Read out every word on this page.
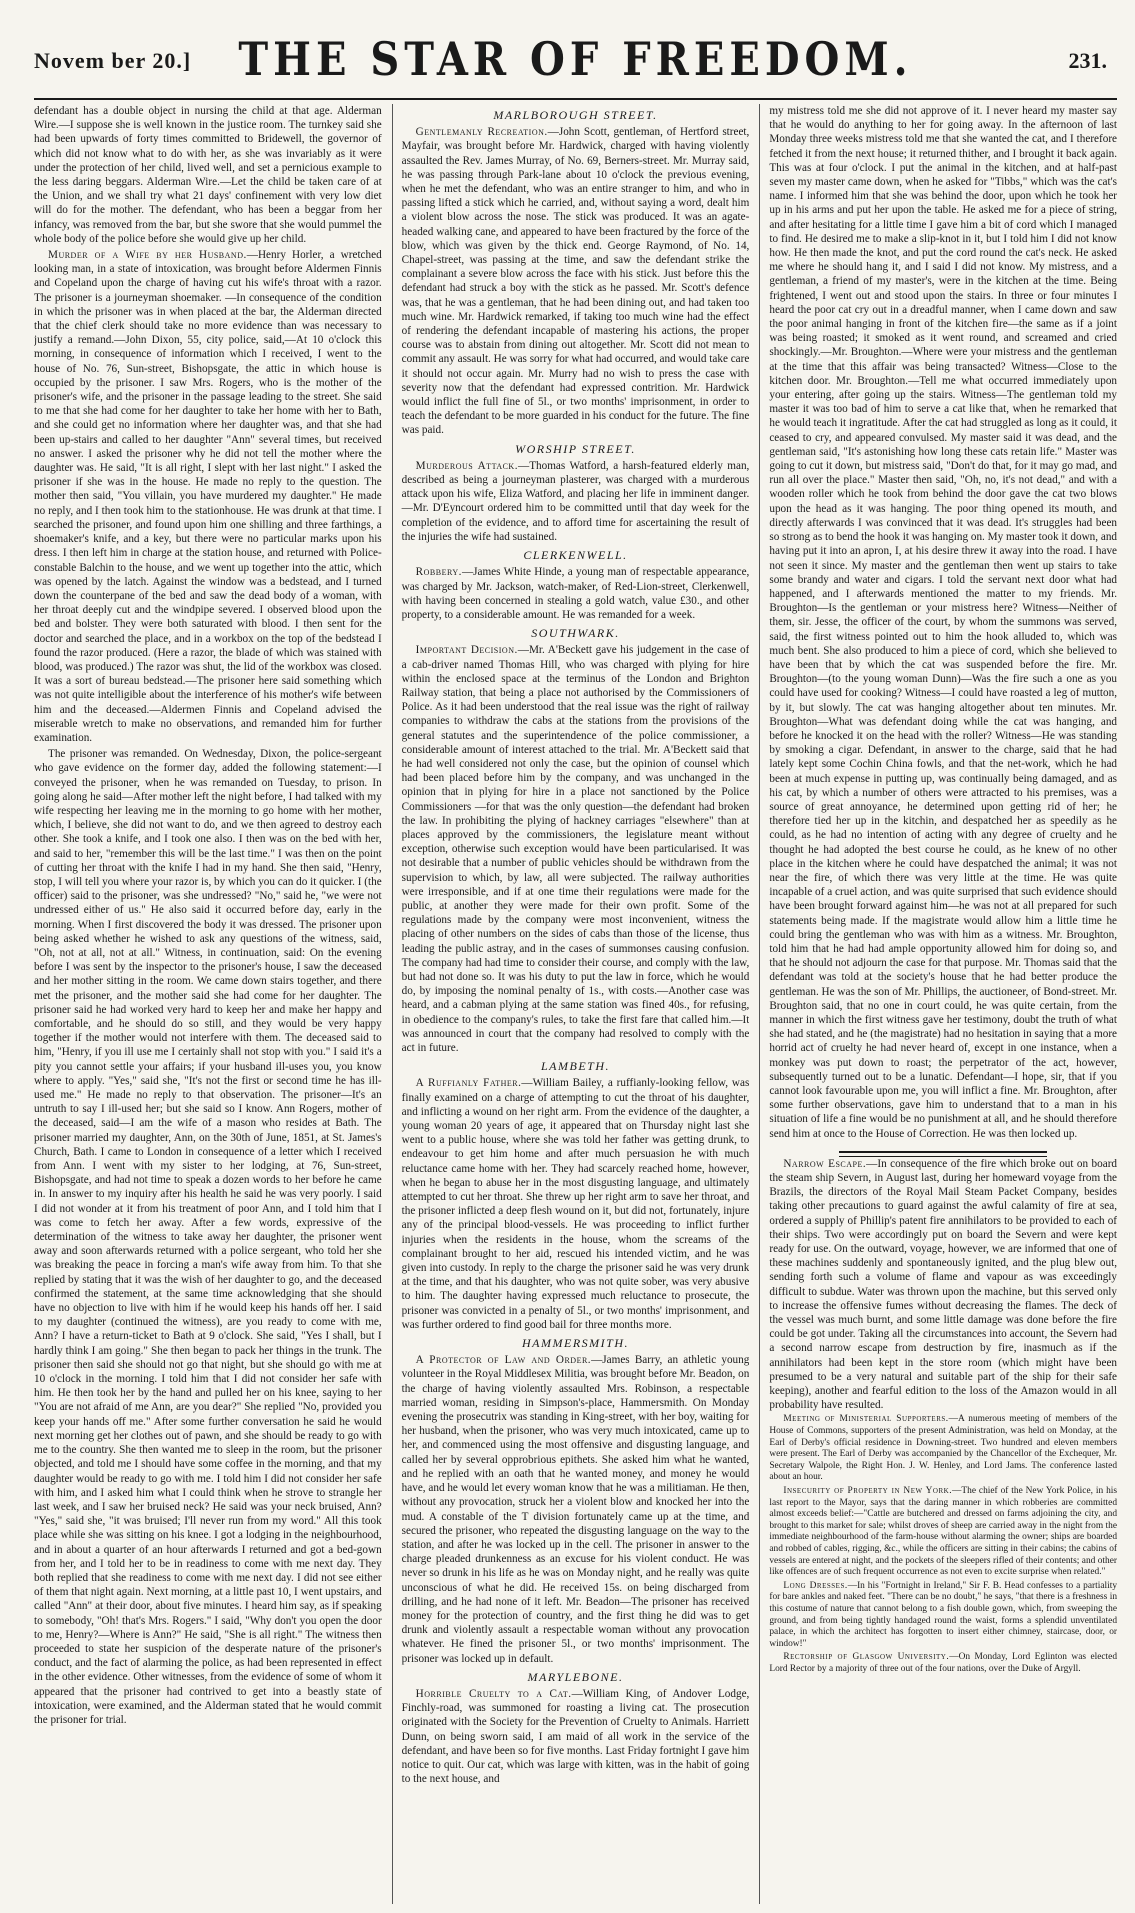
Novem ber 20.]	THE STAR OF FREEDOM.	231.

defendant has a double object in nursing the child at that age. Alderman Wire.—I suppose she is well known in the justice room. The turnkey said she had been upwards of forty times committed to Bridewell, the governor of which did not know what to do with her, as she was invariably as it were under the protection of her child, lived well, and set a pernicious example to the less daring beggars. Alderman Wire.—Let the child be taken care of at the Union, and we shall try what 21 days' confinement with very low diet will do for the mother. The defendant, who has been a beggar from her infancy, was removed from the bar, but she swore that she would pummel the whole body of the police before she would give up her child.

Murder of a Wife by her Husband.—Henry Horler, a wretched looking man, in a state of intoxication, was brought before Aldermen Finnis and Copeland upon the charge of having cut his wife's throat with a razor. The prisoner is a journeyman shoemaker. —In consequence of the condition in which the prisoner was in when placed at the bar, the Alderman directed that the chief clerk should take no more evidence than was necessary to justify a remand.—John Dixon, 55, city police, said,—At 10 o'clock this morning, in consequence of information which I received, I went to the house of No. 76, Sun-street, Bishopsgate, the attic in which house is occupied by the prisoner. I saw Mrs. Rogers, who is the mother of the prisoner's wife, and the prisoner in the passage leading to the street. She said to me that she had come for her daughter to take her home with her to Bath, and she could get no information where her daughter was, and that she had been up-stairs and called to her daughter "Ann" several times, but received no answer. I asked the prisoner why he did not tell the mother where the daughter was. He said, "It is all right, I slept with her last night." I asked the prisoner if she was in the house. He made no reply to the question. The mother then said, "You villain, you have murdered my daughter." He made no reply, and I then took him to the stationhouse. He was drunk at that time. I searched the prisoner, and found upon him one shilling and three farthings, a shoemaker's knife, and a key, but there were no particular marks upon his dress. I then left him in charge at the station house, and returned with Police-constable Balchin to the house, and we went up together into the attic, which was opened by the latch. Against the window was a bedstead, and I turned down the counterpane of the bed and saw the dead body of a woman, with her throat deeply cut and the windpipe severed. I observed blood upon the bed and bolster. They were both saturated with blood. I then sent for the doctor and searched the place, and in a workbox on the top of the bedstead I found the razor produced. (Here a razor, the blade of which was stained with blood, was produced.) The razor was shut, the lid of the workbox was closed. It was a sort of bureau bedstead.—The prisoner here said something which was not quite intelligible about the interference of his mother's wife between him and the deceased.—Aldermen Finnis and Copeland advised the miserable wretch to make no observations, and remanded him for further examination.

The prisoner was remanded. On Wednesday, Dixon, the police-sergeant who gave evidence on the former day, added the following statement:—I conveyed the prisoner, when he was remanded on Tuesday, to prison. In going along he said—After mother left the night before, I had talked with my wife respecting her leaving me in the morning to go home with her mother, which, I believe, she did not want to do, and we then agreed to destroy each other. She took a knife, and I took one also. I then was on the bed with her, and said to her, "remember this will be the last time." I was then on the point of cutting her throat with the knife I had in my hand. She then said, "Henry, stop, I will tell you where your razor is, by which you can do it quicker. I (the officer) said to the prisoner, was she undressed? "No," said he, "we were not undressed either of us." He also said it occurred before day, early in the morning. When I first discovered the body it was dressed. The prisoner upon being asked whether he wished to ask any questions of the witness, said, "Oh, not at all, not at all." Witness, in continuation, said: On the evening before I was sent by the inspector to the prisoner's house, I saw the deceased and her mother sitting in the room. We came down stairs together, and there met the prisoner, and the mother said she had come for her daughter. The prisoner said he had worked very hard to keep her and make her happy and comfortable, and he should do so still, and they would be very happy together if the mother would not interfere with them. The deceased said to him, "Henry, if you ill use me I certainly shall not stop with you." I said it's a pity you cannot settle your affairs; if your husband ill-uses you, you know where to apply. "Yes," said she, "It's not the first or second time he has ill-used me." He made no reply to that observation. The prisoner—It's an untruth to say I ill-used her; but she said so I know. Ann Rogers, mother of the deceased, said—I am the wife of a mason who resides at Bath. The prisoner married my daughter, Ann, on the 30th of June, 1851, at St. James's Church, Bath. I came to London in consequence of a letter which I received from Ann. I went with my sister to her lodging, at 76, Sun-street, Bishopsgate, and had not time to speak a dozen words to her before he came in. In answer to my inquiry after his health he said he was very poorly. I said I did not wonder at it from his treatment of poor Ann, and I told him that I was come to fetch her away. After a few words, expressive of the determination of the witness to take away her daughter, the prisoner went away and soon afterwards returned with a police sergeant, who told her she was breaking the peace in forcing a man's wife away from him. To that she replied by stating that it was the wish of her daughter to go, and the deceased confirmed the statement, at the same time acknowledging that she should have no objection to live with him if he would keep his hands off her. I said to my daughter (continued the witness), are you ready to come with me, Ann? I have a return-ticket to Bath at 9 o'clock. She said, "Yes I shall, but I hardly think I am going." She then began to pack her things in the trunk. The prisoner then said she should not go that night, but she should go with me at 10 o'clock in the morning. I told him that I did not consider her safe with him. He then took her by the hand and pulled her on his knee, saying to her "You are not afraid of me Ann, are you dear?" She replied "No, provided you keep your hands off me." After some further conversation he said he would next morning get her clothes out of pawn, and she should be ready to go with me to the country. She then wanted me to sleep in the room, but the prisoner objected, and told me I should have some coffee in the morning, and that my daughter would be ready to go with me. I told him I did not consider her safe with him, and I asked him what I could think when he strove to strangle her last week, and I saw her bruised neck? He said was your neck bruised, Ann? "Yes," said she, "it was bruised; I'll never run from my word." All this took place while she was sitting on his knee. I got a lodging in the neighbourhood, and in about a quarter of an hour afterwards I returned and got a bed-gown from her, and I told her to be in readiness to come with me next day. They both replied that she readiness to come with me next day. I did not see either of them that night again. Next morning, at a little past 10, I went upstairs, and called "Ann" at their door, about five minutes. I heard him say, as if speaking to somebody, "Oh! that's Mrs. Rogers." I said, "Why don't you open the door to me, Henry?—Where is Ann?" He said, "She is all right." The witness then proceeded to state her suspicion of the desperate nature of the prisoner's conduct, and the fact of alarming the police, as had been represented in effect in the other evidence. Other witnesses, from the evidence of some of whom it appeared that the prisoner had contrived to get into a beastly state of intoxication, were examined, and the Alderman stated that he would commit the prisoner for trial.

MARLBOROUGH STREET.

Gentlemanly Recreation.—John Scott, gentleman, of Hertford street, Mayfair, was brought before Mr. Hardwick, charged with having violently assaulted the Rev. James Murray, of No. 69, Berners-street. Mr. Murray said, he was passing through Park-lane about 10 o'clock the previous evening, when he met the defendant, who was an entire stranger to him, and who in passing lifted a stick which he carried, and, without saying a word, dealt him a violent blow across the nose. The stick was produced. It was an agate-headed walking cane, and appeared to have been fractured by the force of the blow, which was given by the thick end. George Raymond, of No. 14, Chapel-street, was passing at the time, and saw the defendant strike the complainant a severe blow across the face with his stick. Just before this the defendant had struck a boy with the stick as he passed. Mr. Scott's defence was, that he was a gentleman, that he had been dining out, and had taken too much wine. Mr. Hardwick remarked, if taking too much wine had the effect of rendering the defendant incapable of mastering his actions, the proper course was to abstain from dining out altogether. Mr. Scott did not mean to commit any assault. He was sorry for what had occurred, and would take care it should not occur again. Mr. Murry had no wish to press the case with severity now that the defendant had expressed contrition. Mr. Hardwick would inflict the full fine of 5l., or two months' imprisonment, in order to teach the defendant to be more guarded in his conduct for the future. The fine was paid.

WORSHIP STREET.

Murderous Attack.—Thomas Watford, a harsh-featured elderly man, described as being a journeyman plasterer, was charged with a murderous attack upon his wife, Eliza Watford, and placing her life in imminent danger.—Mr. D'Eyncourt ordered him to be committed until that day week for the completion of the evidence, and to afford time for ascertaining the result of the injuries the wife had sustained.

CLERKENWELL.

Robbery.—James White Hinde, a young man of respectable appearance, was charged by Mr. Jackson, watch-maker, of Red-Lion-street, Clerkenwell, with having been concerned in stealing a gold watch, value £30., and other property, to a considerable amount. He was remanded for a week.

SOUTHWARK.

Important Decision.—Mr. A'Beckett gave his judgement in the case of a cab-driver named Thomas Hill, who was charged with plying for hire within the enclosed space at the terminus of the London and Brighton Railway station, that being a place not authorised by the Commissioners of Police. As it had been understood that the real issue was the right of railway companies to withdraw the cabs at the stations from the provisions of the general statutes and the superintendence of the police commissioner, a considerable amount of interest attached to the trial. Mr. A'Beckett said that he had well considered not only the case, but the opinion of counsel which had been placed before him by the company, and was unchanged in the opinion that in plying for hire in a place not sanctioned by the Police Commissioners —for that was the only question—the defendant had broken the law. In prohibiting the plying of hackney carriages "elsewhere" than at places approved by the commissioners, the legislature meant without exception, otherwise such exception would have been particularised. It was not desirable that a number of public vehicles should be withdrawn from the supervision to which, by law, all were subjected. The railway authorities were irresponsible, and if at one time their regulations were made for the public, at another they were made for their own profit. Some of the regulations made by the company were most inconvenient, witness the placing of other numbers on the sides of cabs than those of the license, thus leading the public astray, and in the cases of summonses causing confusion. The company had had time to consider their course, and comply with the law, but had not done so. It was his duty to put the law in force, which he would do, by imposing the nominal penalty of 1s., with costs.—Another case was heard, and a cabman plying at the same station was fined 40s., for refusing, in obedience to the company's rules, to take the first fare that called him.—It was announced in court that the company had resolved to comply with the act in future.

LAMBETH.

A Ruffianly Father.—William Bailey, a ruffianly-looking fellow, was finally examined on a charge of attempting to cut the throat of his daughter, and inflicting a wound on her right arm. From the evidence of the daughter, a young woman 20 years of age, it appeared that on Thursday night last she went to a public house, where she was told her father was getting drunk, to endeavour to get him home and after much persuasion he with much reluctance came home with her. They had scarcely reached home, however, when he began to abuse her in the most disgusting language, and ultimately attempted to cut her throat. She threw up her right arm to save her throat, and the prisoner inflicted a deep flesh wound on it, but did not, fortunately, injure any of the principal blood-vessels. He was proceeding to inflict further injuries when the residents in the house, whom the screams of the complainant brought to her aid, rescued his intended victim, and he was given into custody. In reply to the charge the prisoner said he was very drunk at the time, and that his daughter, who was not quite sober, was very abusive to him. The daughter having expressed much reluctance to prosecute, the prisoner was convicted in a penalty of 5l., or two months' imprisonment, and was further ordered to find good bail for three months more.

HAMMERSMITH.

A Protector of Law and Order.—James Barry, an athletic young volunteer in the Royal Middlesex Militia, was brought before Mr. Beadon, on the charge of having violently assaulted Mrs. Robinson, a respectable married woman, residing in Simpson's-place, Hammersmith. On Monday evening the prosecutrix was standing in King-street, with her boy, waiting for her husband, when the prisoner, who was very much intoxicated, came up to her, and commenced using the most offensive and disgusting language, and called her by several opprobrious epithets. She asked him what he wanted, and he replied with an oath that he wanted money, and money he would have, and he would let every woman know that he was a militiaman. He then, without any provocation, struck her a violent blow and knocked her into the mud. A constable of the T division fortunately came up at the time, and secured the prisoner, who repeated the disgusting language on the way to the station, and after he was locked up in the cell. The prisoner in answer to the charge pleaded drunkenness as an excuse for his violent conduct. He was never so drunk in his life as he was on Monday night, and he really was quite unconscious of what he did. He received 15s. on being discharged from drilling, and he had none of it left. Mr. Beadon—The prisoner has received money for the protection of country, and the first thing he did was to get drunk and violently assault a respectable woman without any provocation whatever. He fined the prisoner 5l., or two months' imprisonment. The prisoner was locked up in default.

MARYLEBONE.

Horrible Cruelty to a Cat.—William King, of Andover Lodge, Finchly-road, was summoned for roasting a living cat. The prosecution originated with the Society for the Prevention of Cruelty to Animals. Harriett Dunn, on being sworn said, I am maid of all work in the service of the defendant, and have been so for five months. Last Friday fortnight I gave him notice to quit. Our cat, which was large with kitten, was in the habit of going to the next house, and

my mistress told me she did not approve of it. I never heard my master say that he would do anything to her for going away. In the afternoon of last Monday three weeks mistress told me that she wanted the cat, and I therefore fetched it from the next house; it returned thither, and I brought it back again. This was at four o'clock. I put the animal in the kitchen, and at half-past seven my master came down, when he asked for "Tibbs," which was the cat's name. I informed him that she was behind the door, upon which he took her up in his arms and put her upon the table. He asked me for a piece of string, and after hesitating for a little time I gave him a bit of cord which I managed to find. He desired me to make a slip-knot in it, but I told him I did not know how. He then made the knot, and put the cord round the cat's neck. He asked me where he should hang it, and I said I did not know. My mistress, and a gentleman, a friend of my master's, were in the kitchen at the time. Being frightened, I went out and stood upon the stairs. In three or four minutes I heard the poor cat cry out in a dreadful manner, when I came down and saw the poor animal hanging in front of the kitchen fire—the same as if a joint was being roasted; it smoked as it went round, and screamed and cried shockingly.—Mr. Broughton.—Where were your mistress and the gentleman at the time that this affair was being transacted? Witness—Close to the kitchen door. Mr. Broughton.—Tell me what occurred immediately upon your entering, after going up the stairs. Witness—The gentleman told my master it was too bad of him to serve a cat like that, when he remarked that he would teach it ingratitude. After the cat had struggled as long as it could, it ceased to cry, and appeared convulsed. My master said it was dead, and the gentleman said, "It's astonishing how long these cats retain life." Master was going to cut it down, but mistress said, "Don't do that, for it may go mad, and run all over the place." Master then said, "Oh, no, it's not dead," and with a wooden roller which he took from behind the door gave the cat two blows upon the head as it was hanging. The poor thing opened its mouth, and directly afterwards I was convinced that it was dead. It's struggles had been so strong as to bend the hook it was hanging on. My master took it down, and having put it into an apron, I, at his desire threw it away into the road. I have not seen it since. My master and the gentleman then went up stairs to take some brandy and water and cigars. I told the servant next door what had happened, and I afterwards mentioned the matter to my friends. Mr. Broughton—Is the gentleman or your mistress here? Witness—Neither of them, sir. Jesse, the officer of the court, by whom the summons was served, said, the first witness pointed out to him the hook alluded to, which was much bent. She also produced to him a piece of cord, which she believed to have been that by which the cat was suspended before the fire. Mr. Broughton—(to the young woman Dunn)—Was the fire such a one as you could have used for cooking? Witness—I could have roasted a leg of mutton, by it, but slowly. The cat was hanging altogether about ten minutes. Mr. Broughton—What was defendant doing while the cat was hanging, and before he knocked it on the head with the roller? Witness—He was standing by smoking a cigar. Defendant, in answer to the charge, said that he had lately kept some Cochin China fowls, and that the net-work, which he had been at much expense in putting up, was continually being damaged, and as his cat, by which a number of others were attracted to his premises, was a source of great annoyance, he determined upon getting rid of her; he therefore tied her up in the kitchin, and despatched her as speedily as he could, as he had no intention of acting with any degree of cruelty and he thought he had adopted the best course he could, as he knew of no other place in the kitchen where he could have despatched the animal; it was not near the fire, of which there was very little at the time. He was quite incapable of a cruel action, and was quite surprised that such evidence should have been brought forward against him—he was not at all prepared for such statements being made. If the magistrate would allow him a little time he could bring the gentleman who was with him as a witness. Mr. Broughton, told him that he had had ample opportunity allowed him for doing so, and that he should not adjourn the case for that purpose. Mr. Thomas said that the defendant was told at the society's house that he had better produce the gentleman. He was the son of Mr. Phillips, the auctioneer, of Bond-street. Mr. Broughton said, that no one in court could, he was quite certain, from the manner in which the first witness gave her testimony, doubt the truth of what she had stated, and he (the magistrate) had no hesitation in saying that a more horrid act of cruelty he had never heard of, except in one instance, when a monkey was put down to roast; the perpetrator of the act, however, subsequently turned out to be a lunatic. Defendant—I hope, sir, that if you cannot look favourable upon me, you will inflict a fine. Mr. Broughton, after some further observations, gave him to understand that to a man in his situation of life a fine would be no punishment at all, and he should therefore send him at once to the House of Correction. He was then locked up.

Narrow Escape.—In consequence of the fire which broke out on board the steam ship Severn, in August last, during her homeward voyage from the Brazils, the directors of the Royal Mail Steam Packet Company, besides taking other precautions to guard against the awful calamity of fire at sea, ordered a supply of Phillip's patent fire annihilators to be provided to each of their ships. Two were accordingly put on board the Severn and were kept ready for use. On the outward, voyage, however, we are informed that one of these machines suddenly and spontaneously ignited, and the plug blew out, sending forth such a volume of flame and vapour as was exceedingly difficult to subdue. Water was thrown upon the machine, but this served only to increase the offensive fumes without decreasing the flames. The deck of the vessel was much burnt, and some little damage was done before the fire could be got under. Taking all the circumstances into account, the Severn had a second narrow escape from destruction by fire, inasmuch as if the annihilators had been kept in the store room (which might have been presumed to be a very natural and suitable part of the ship for their safe keeping), another and fearful edition to the loss of the Amazon would in all probability have resulted.

Meeting of Ministerial Supporters.—A numerous meeting of members of the House of Commons, supporters of the present Administration, was held on Monday, at the Earl of Derby's official residence in Downing-street. Two hundred and eleven members were present. The Earl of Derby was accompanied by the Chancellor of the Exchequer, Mr. Secretary Walpole, the Right Hon. J. W. Henley, and Lord Jams. The conference lasted about an hour.

Insecurity of Property in New York.—The chief of the New York Police, in his last report to the Mayor, says that the daring manner in which robberies are committed almost exceeds belief:—"Cattle are butchered and dressed on farms adjoining the city, and brought to this market for sale; whilst droves of sheep are carried away in the night from the immediate neighbourhood of the farm-house without alarming the owner; ships are boarded and robbed of cables, rigging, &c., while the officers are sitting in their cabins; the cabins of vessels are entered at night, and the pockets of the sleepers rifled of their contents; and other like offences are of such frequent occurrence as not even to excite surprise when related."

Long Dresses.—In his "Fortnight in Ireland," Sir F. B. Head confesses to a partiality for bare ankles and naked feet. "There can be no doubt," he says, "that there is a freshness in this costume of nature that cannot belong to a fish double gown, which, from sweeping the ground, and from being tightly handaged round the waist, forms a splendid unventilated palace, in which the architect has forgotten to insert either chimney, staircase, door, or window!"

Rectorship of Glasgow University.—On Monday, Lord Eglinton was elected Lord Rector by a majority of three out of the four nations, over the Duke of Argyll.
